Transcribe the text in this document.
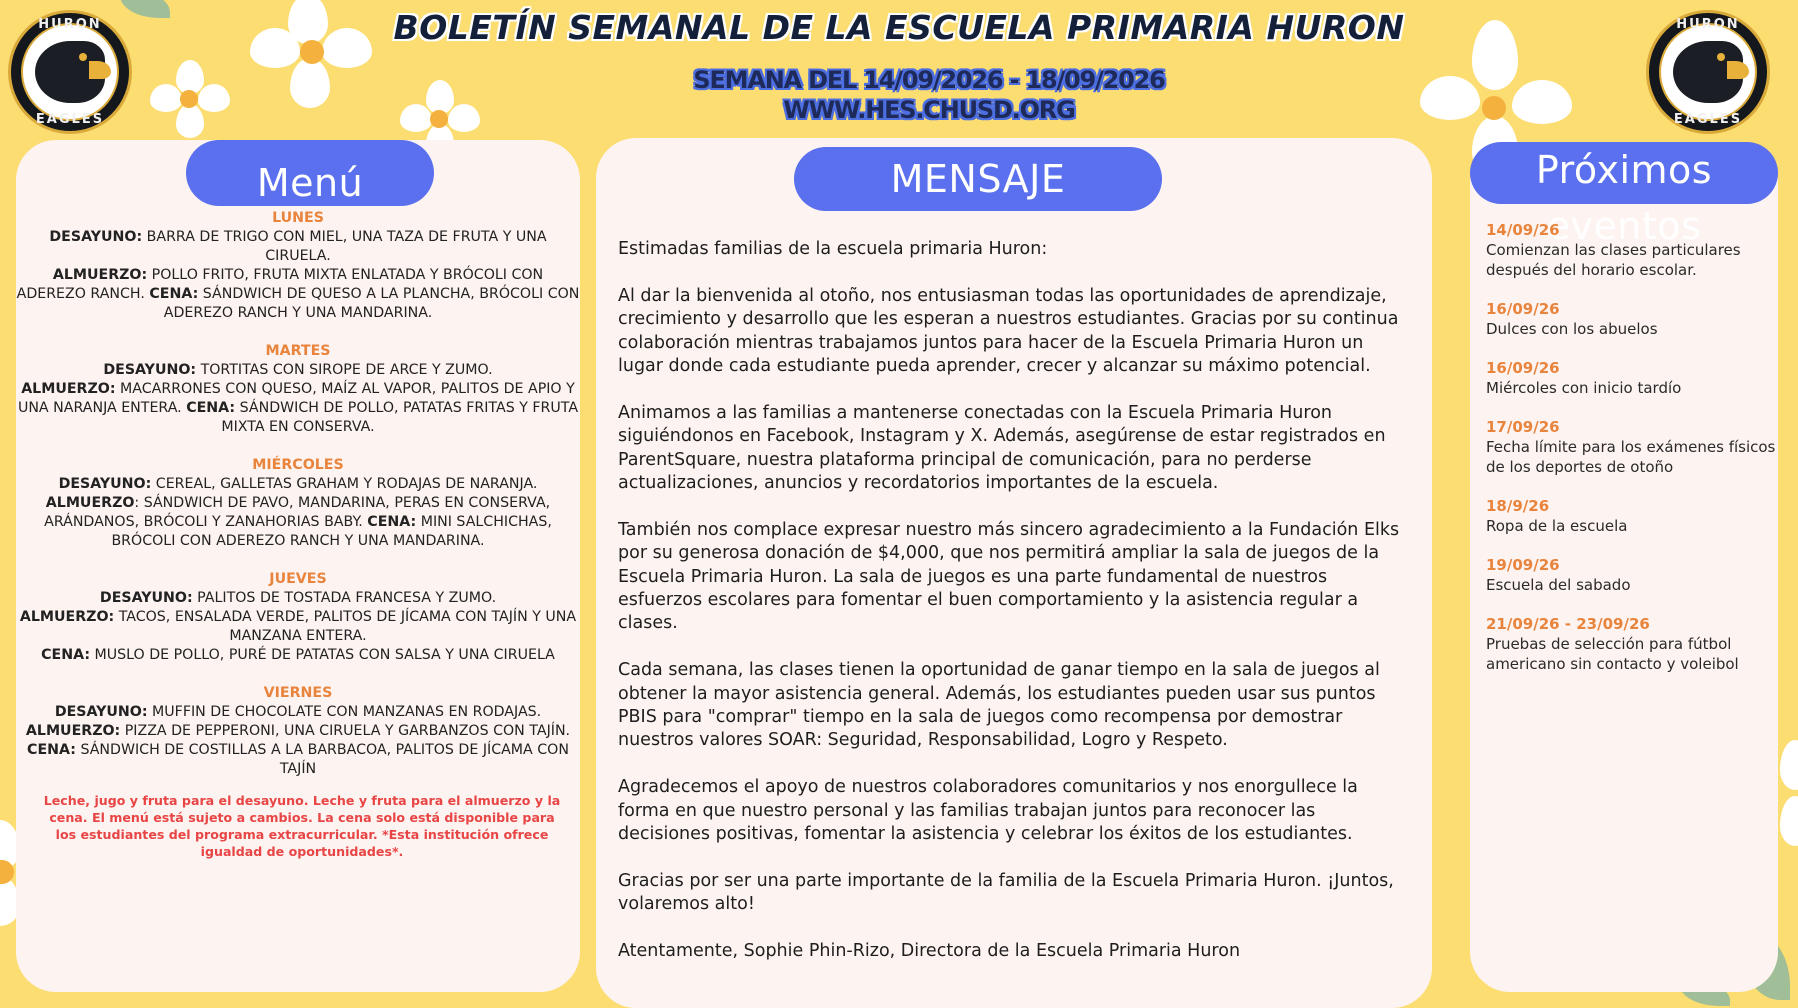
HURON
EAGLES
HURON
EAGLES
BOLETÍN SEMANAL DE LA ESCUELA PRIMARIA HURON
SEMANA DEL 14/09/2026 - 18/09/2026
WWW.HES.CHUSD.ORG
Menú	MENSAJE	Próximos eventos
LUNES
DESAYUNO: BARRA DE TRIGO CON MIEL, UNA TAZA DE FRUTA Y UNA CIRUELA.
ALMUERZO: POLLO FRITO, FRUTA MIXTA ENLATADA Y BRÓCOLI CON ADEREZO RANCH. CENA: SÁNDWICH DE QUESO A LA PLANCHA, BRÓCOLI CON ADEREZO RANCH Y UNA MANDARINA.
MARTES
DESAYUNO: TORTITAS CON SIROPE DE ARCE Y ZUMO.
ALMUERZO: MACARRONES CON QUESO, MAÍZ AL VAPOR, PALITOS DE APIO Y UNA NARANJA ENTERA. CENA: SÁNDWICH DE POLLO, PATATAS FRITAS Y FRUTA MIXTA EN CONSERVA.
MIÉRCOLES
DESAYUNO: CEREAL, GALLETAS GRAHAM Y RODAJAS DE NARANJA. ALMUERZO: SÁNDWICH DE PAVO, MANDARINA, PERAS EN CONSERVA, ARÁNDANOS, BRÓCOLI Y ZANAHORIAS BABY. CENA: MINI SALCHICHAS, BRÓCOLI CON ADEREZO RANCH Y UNA MANDARINA.
JUEVES
DESAYUNO: PALITOS DE TOSTADA FRANCESA Y ZUMO.
ALMUERZO: TACOS, ENSALADA VERDE, PALITOS DE JÍCAMA CON TAJÍN Y UNA MANZANA ENTERA.
CENA: MUSLO DE POLLO, PURÉ DE PATATAS CON SALSA Y UNA CIRUELA
VIERNES
DESAYUNO: MUFFIN DE CHOCOLATE CON MANZANAS EN RODAJAS. ALMUERZO: PIZZA DE PEPPERONI, UNA CIRUELA Y GARBANZOS CON TAJÍN.
CENA: SÁNDWICH DE COSTILLAS A LA BARBACOA, PALITOS DE JÍCAMA CON TAJÍN
Leche, jugo y fruta para el desayuno. Leche y fruta para el almuerzo y la cena. El menú está sujeto a cambios. La cena solo está disponible para los estudiantes del programa extracurricular. *Esta institución ofrece igualdad de oportunidades*.

Estimadas familias de la escuela primaria Huron:

Al dar la bienvenida al otoño, nos entusiasman todas las oportunidades de aprendizaje, crecimiento y desarrollo que les esperan a nuestros estudiantes. Gracias por su continua colaboración mientras trabajamos juntos para hacer de la Escuela Primaria Huron un lugar donde cada estudiante pueda aprender, crecer y alcanzar su máximo potencial.

Animamos a las familias a mantenerse conectadas con la Escuela Primaria Huron siguiéndonos en Facebook, Instagram y X. Además, asegúrense de estar registrados en ParentSquare, nuestra plataforma principal de comunicación, para no perderse actualizaciones, anuncios y recordatorios importantes de la escuela.

También nos complace expresar nuestro más sincero agradecimiento a la Fundación Elks por su generosa donación de $4,000, que nos permitirá ampliar la sala de juegos de la Escuela Primaria Huron. La sala de juegos es una parte fundamental de nuestros esfuerzos escolares para fomentar el buen comportamiento y la asistencia regular a clases.

Cada semana, las clases tienen la oportunidad de ganar tiempo en la sala de juegos al obtener la mayor asistencia general. Además, los estudiantes pueden usar sus puntos PBIS para "comprar" tiempo en la sala de juegos como recompensa por demostrar nuestros valores SOAR: Seguridad, Responsabilidad, Logro y Respeto.

Agradecemos el apoyo de nuestros colaboradores comunitarios y nos enorgullece la forma en que nuestro personal y las familias trabajan juntos para reconocer las decisiones positivas, fomentar la asistencia y celebrar los éxitos de los estudiantes.

Gracias por ser una parte importante de la familia de la Escuela Primaria Huron. ¡Juntos, volaremos alto!

Atentamente, Sophie Phin-Rizo, Directora de la Escuela Primaria Huron

14/09/26
Comienzan las clases particulares después del horario escolar.
16/09/26
Dulces con los abuelos
16/09/26
Miércoles con inicio tardío
17/09/26
Fecha límite para los exámenes físicos de los deportes de otoño
18/9/26
Ropa de la escuela
19/09/26
Escuela del sabado
21/09/26 - 23/09/26
Pruebas de selección para fútbol americano sin contacto y voleibol
